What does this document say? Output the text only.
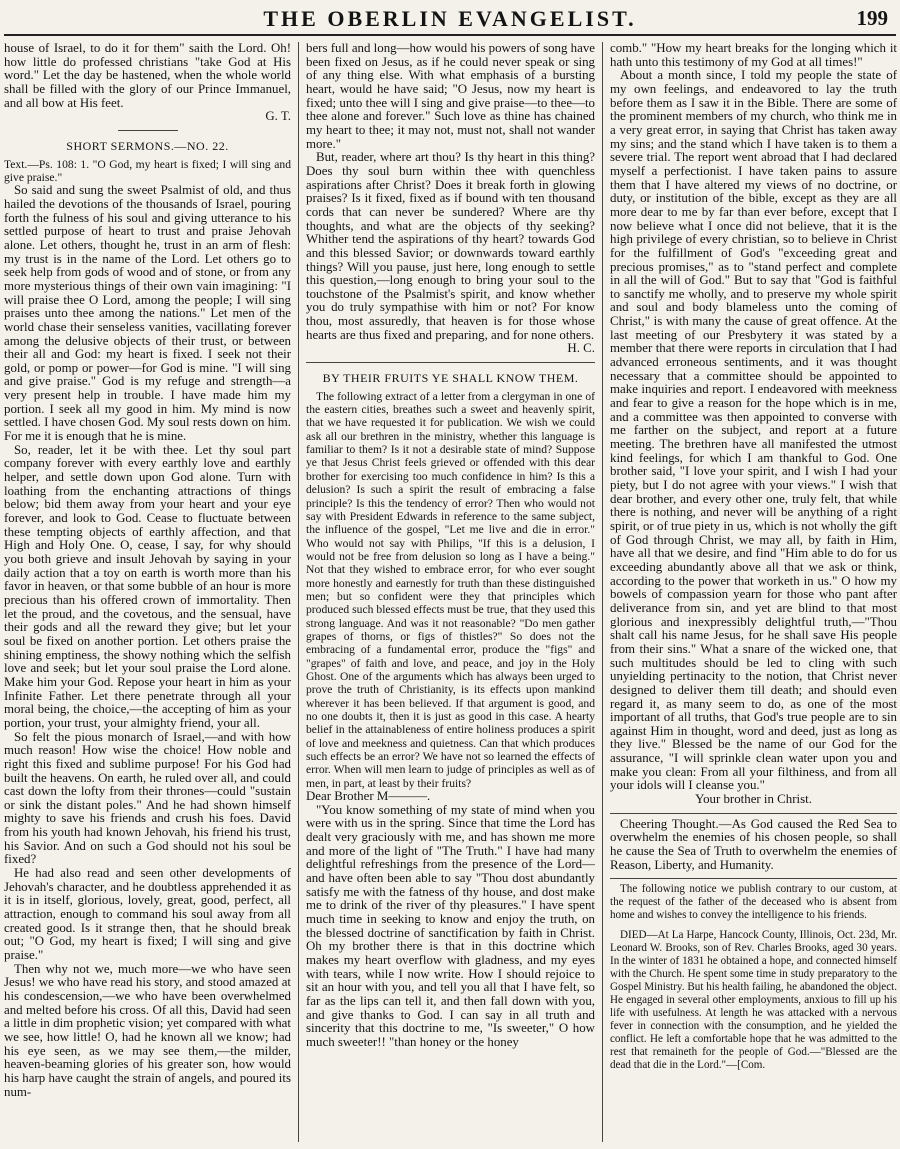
THE OBERLIN EVANGELIST.	199

house of Israel, to do it for them" saith the Lord. Oh! how little do professed christians "take God at His word." Let the day be hastened, when the whole world shall be filled with the glory of our Prince Immanuel, and all bow at His feet.

G. T.

SHORT SERMONS.—NO. 22.

Text.—Ps. 108: 1. "O God, my heart is fixed; I will sing and give praise."

So said and sung the sweet Psalmist of old, and thus hailed the devotions of the thousands of Israel, pouring forth the fulness of his soul and giving utterance to his settled purpose of heart to trust and praise Jehovah alone. Let others, thought he, trust in an arm of flesh: my trust is in the name of the Lord. Let others go to seek help from gods of wood and of stone, or from any more mysterious things of their own vain imagining: "I will praise thee O Lord, among the people; I will sing praises unto thee among the nations." Let men of the world chase their senseless vanities, vacillating forever among the delusive objects of their trust, or between their all and God: my heart is fixed. I seek not their gold, or pomp or power—for God is mine. "I will sing and give praise." God is my refuge and strength—a very present help in trouble. I have made him my portion. I seek all my good in him. My mind is now settled. I have chosen God. My soul rests down on him. For me it is enough that he is mine.

So, reader, let it be with thee. Let thy soul part company forever with every earthly love and earthly helper, and settle down upon God alone. Turn with loathing from the enchanting attractions of things below; bid them away from your heart and your eye forever, and look to God. Cease to fluctuate between these tempting objects of earthly affection, and that High and Holy One. O, cease, I say, for why should you both grieve and insult Jehovah by saying in your daily action that a toy on earth is worth more than his favor in heaven, or that some bubble of an hour is more precious than his offered crown of immortality. Then let the proud, and the covetous, and the sensual, have their gods and all the reward they give; but let your soul be fixed on another portion. Let others praise the shining emptiness, the showy nothing which the selfish love and seek; but let your soul praise the Lord alone. Make him your God. Repose your heart in him as your Infinite Father. Let there penetrate through all your moral being, the choice,—the accepting of him as your portion, your trust, your almighty friend, your all.

So felt the pious monarch of Israel,—and with how much reason! How wise the choice! How noble and right this fixed and sublime purpose! For his God had built the heavens. On earth, he ruled over all, and could cast down the lofty from their thrones—could "sustain or sink the distant poles." And he had shown himself mighty to save his friends and crush his foes. David from his youth had known Jehovah, his friend his trust, his Savior. And on such a God should not his soul be fixed?

He had also read and seen other developments of Jehovah's character, and he doubtless apprehended it as it is in itself, glorious, lovely, great, good, perfect, all attraction, enough to command his soul away from all created good. Is it strange then, that he should break out; "O God, my heart is fixed; I will sing and give praise."

Then why not we, much more—we who have seen Jesus! we who have read his story, and stood amazed at his condescension,—we who have been overwhelmed and melted before his cross. Of all this, David had seen a little in dim prophetic vision; yet compared with what we see, how little! O, had he known all we know; had his eye seen, as we may see them,—the milder, heaven-beaming glories of his greater son, how would his harp have caught the strain of angels, and poured its num-

bers full and long—how would his powers of song have been fixed on Jesus, as if he could never speak or sing of any thing else. With what emphasis of a bursting heart, would he have said; "O Jesus, now my heart is fixed; unto thee will I sing and give praise—to thee—to thee alone and forever." Such love as thine has chained my heart to thee; it may not, must not, shall not wander more."

But, reader, where art thou? Is thy heart in this thing? Does thy soul burn within thee with quenchless aspirations after Christ? Does it break forth in glowing praises? Is it fixed, fixed as if bound with ten thousand cords that can never be sundered? Where are thy thoughts, and what are the objects of thy seeking? Whither tend the aspirations of thy heart? towards God and this blessed Savior; or downwards toward earthly things? Will you pause, just here, long enough to settle this question,—long enough to bring your soul to the touchstone of the Psalmist's spirit, and know whether you do truly sympathise with him or not? For know thou, most assuredly, that heaven is for those whose hearts are thus fixed and preparing, and for none others.

H. C.

BY THEIR FRUITS YE SHALL KNOW THEM.

The following extract of a letter from a clergyman in one of the eastern cities, breathes such a sweet and heavenly spirit, that we have requested it for publication. We wish we could ask all our brethren in the ministry, whether this language is familiar to them? Is it not a desirable state of mind? Suppose ye that Jesus Christ feels grieved or offended with this dear brother for exercising too much confidence in him? Is this a delusion? Is such a spirit the result of embracing a false principle? Is this the tendency of error? Then who would not say with President Edwards in reference to the same subject, the influence of the gospel, "Let me live and die in error." Who would not say with Philips, "If this is a delusion, I would not be free from delusion so long as I have a being." Not that they wished to embrace error, for who ever sought more honestly and earnestly for truth than these distinguished men; but so confident were they that principles which produced such blessed effects must be true, that they used this strong language. And was it not reasonable? "Do men gather grapes of thorns, or figs of thistles?" So does not the embracing of a fundamental error, produce the "figs" and "grapes" of faith and love, and peace, and joy in the Holy Ghost. One of the arguments which has always been urged to prove the truth of Christianity, is its effects upon mankind wherever it has been believed. If that argument is good, and no one doubts it, then it is just as good in this case. A hearty belief in the attainableness of entire holiness produces a spirit of love and meekness and quietness. Can that which produces such effects be an error? We have not so learned the effects of error. When will men learn to judge of principles as well as of men, in part, at least by their fruits?

Dear Brother M———.

"You know something of my state of mind when you were with us in the spring. Since that time the Lord has dealt very graciously with me, and has shown me more and more of the light of "The Truth." I have had many delightful refreshings from the presence of the Lord—and have often been able to say "Thou dost abundantly satisfy me with the fatness of thy house, and dost make me to drink of the river of thy pleasures." I have spent much time in seeking to know and enjoy the truth, on the blessed doctrine of sanctification by faith in Christ. Oh my brother there is that in this doctrine which makes my heart overflow with gladness, and my eyes with tears, while I now write. How I should rejoice to sit an hour with you, and tell you all that I have felt, so far as the lips can tell it, and then fall down with you, and give thanks to God. I can say in all truth and sincerity that this doctrine to me, "Is sweeter," O how much sweeter!! "than honey or the honey

comb." "How my heart breaks for the longing which it hath unto this testimony of my God at all times!"

About a month since, I told my people the state of my own feelings, and endeavored to lay the truth before them as I saw it in the Bible. There are some of the prominent members of my church, who think me in a very great error, in saying that Christ has taken away my sins; and the stand which I have taken is to them a severe trial. The report went abroad that I had declared myself a perfectionist. I have taken pains to assure them that I have altered my views of no doctrine, or duty, or institution of the bible, except as they are all more dear to me by far than ever before, except that I now believe what I once did not believe, that it is the high privilege of every christian, so to believe in Christ for the fulfillment of God's "exceeding great and precious promises," as to "stand perfect and complete in all the will of God." But to say that "God is faithful to sanctify me wholly, and to preserve my whole spirit and soul and body blameless unto the coming of Christ," is with many the cause of great offence. At the last meeting of our Presbytery it was stated by a member that there were reports in circulation that I had advanced erroneous sentiments, and it was thought necessary that a committee should be appointed to make inquiries and report. I endeavored with meekness and fear to give a reason for the hope which is in me, and a committee was then appointed to converse with me farther on the subject, and report at a future meeting. The brethren have all manifested the utmost kind feelings, for which I am thankful to God. One brother said, "I love your spirit, and I wish I had your piety, but I do not agree with your views." I wish that dear brother, and every other one, truly felt, that while there is nothing, and never will be anything of a right spirit, or of true piety in us, which is not wholly the gift of God through Christ, we may all, by faith in Him, have all that we desire, and find "Him able to do for us exceeding abundantly above all that we ask or think, according to the power that worketh in us." O how my bowels of compassion yearn for those who pant after deliverance from sin, and yet are blind to that most glorious and inexpressibly delightful truth,—"Thou shalt call his name Jesus, for he shall save His people from their sins." What a snare of the wicked one, that such multitudes should be led to cling with such unyielding pertinacity to the notion, that Christ never designed to deliver them till death; and should even regard it, as many seem to do, as one of the most important of all truths, that God's true people are to sin against Him in thought, word and deed, just as long as they live." Blessed be the name of our God for the assurance, "I will sprinkle clean water upon you and make you clean: From all your filthiness, and from all your idols will I cleanse you."

Your brother in Christ.

Cheering Thought.—As God caused the Red Sea to overwhelm the enemies of his chosen people, so shall he cause the Sea of Truth to overwhelm the enemies of Reason, Liberty, and Humanity.

The following notice we publish contrary to our custom, at the request of the father of the deceased who is absent from home and wishes to convey the intelligence to his friends.

DIED—At La Harpe, Hancock County, Illinois, Oct. 23d, Mr. Leonard W. Brooks, son of Rev. Charles Brooks, aged 30 years. In the winter of 1831 he obtained a hope, and connected himself with the Church. He spent some time in study preparatory to the Gospel Ministry. But his health failing, he abandoned the object. He engaged in several other employments, anxious to fill up his life with usefulness. At length he was attacked with a nervous fever in connection with the consumption, and he yielded the conflict. He left a comfortable hope that he was admitted to the rest that remaineth for the people of God.—"Blessed are the dead that die in the Lord."—[Com.
